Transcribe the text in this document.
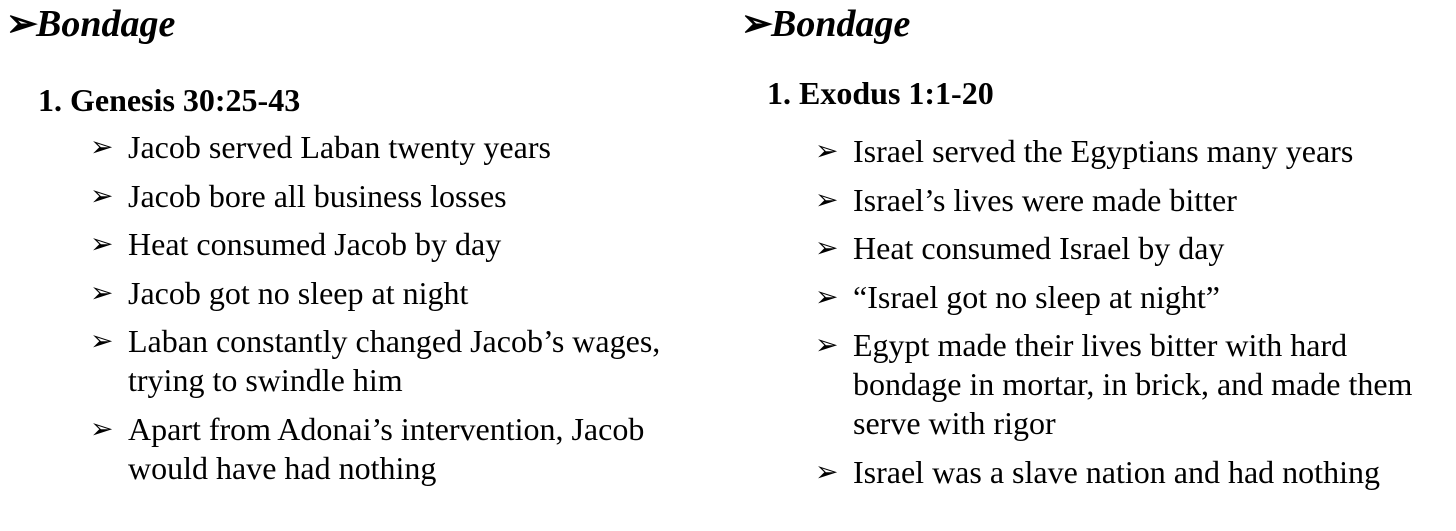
➢Bondage
1. Genesis 30:25-43
➢ Jacob served Laban twenty years
➢ Jacob bore all business losses
➢ Heat consumed Jacob by day
➢ Jacob got no sleep at night
➢ Laban constantly changed Jacob’s wages, trying to swindle him
➢ Apart from Adonai’s intervention, Jacob would have had nothing
➢Bondage
1. Exodus 1:1-20
➢ Israel served the Egyptians many years
➢ Israel’s lives were made bitter
➢ Heat consumed Israel by day
➢ “Israel got no sleep at night”
➢ Egypt made their lives bitter with hard bondage in mortar, in brick, and made them serve with rigor
➢ Israel was a slave nation and had nothing
